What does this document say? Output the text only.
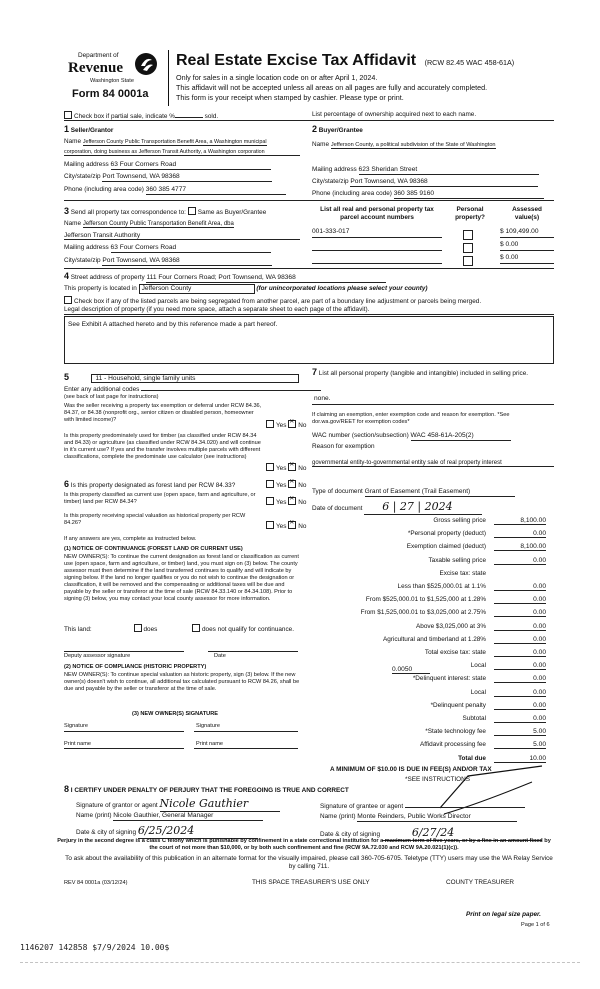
Department of
Revenue
Washington State
Form 84 0001a
Real Estate Excise Tax Affidavit (RCW 82.45 WAC 458-61A)
Only for sales in a single location code on or after April 1, 2024.
This affidavit will not be accepted unless all areas on all pages are fully and accurately completed.
This form is your receipt when stamped by cashier. Please type or print.
Check box if partial sale, indicate %	sold.	List percentage of ownership acquired next to each name.
1 Seller/Grantor
Name Jefferson County Public Transportation Benefit Area, a Washington municipal
corporation, doing business as Jefferson Transit Authority, a Washington corporation
Mailing address 63 Four Corners Road
City/state/zip Port Townsend, WA 98368
Phone (including area code) 360 385 4777
2 Buyer/Grantee
Name Jefferson County, a political subdivision of the State of Washington
Mailing address 623 Sheridan Street
City/state/zip Port Townsend, WA 98368
Phone (including area code) 360 385 9160
3 Send all property tax correspondence to: Same as Buyer/Grantee
Name Jefferson County Public Transportation Benefit Area, dba
Jefferson Transit Authority
Mailing address 63 Four Corners Road
City/state/zip Port Townsend, WA 98368
List all real and personal property tax parcel account numbers
Personal property?
Assessed value(s)
001-333-017	$ 109,499.00
$ 0.00
$ 0.00
4 Street address of property 111 Four Corners Road; Port Townsend, WA 98368
This property is located in Jefferson County	(for unincorporated locations please select your county)
Check box if any of the listed parcels are being segregated from another parcel, are part of a boundary line adjustment or parcels being merged.
Legal description of property (if you need more space, attach a separate sheet to each page of the affidavit).
See Exhibit A attached hereto and by this reference made a part hereof.
5	11 - Household, single family units
Enter any additional codes
(see back of last page for instructions)
Was the seller receiving a property tax exemption or deferral under RCW 84.36, 84.37, or 84.38 (nonprofit org., senior citizen or disabled person, homeowner with limited income)?
Yes ✕ No
Is this property predominately used for timber (as classified under RCW 84.34 and 84.33) or agriculture (as classified under RCW 84.34.020) and will continue in it's current use? If yes and the transfer involves multiple parcels with different classifications, complete the predominate use calculator (see instructions)
Yes ✕ No
6 Is this property designated as forest land per RCW 84.33?	Yes ✕ No
Is this property classified as current use (open space, farm and agriculture, or timber) land per RCW 84.34?	Yes ✕ No
Is this property receiving special valuation as historical property per RCW 84.26?
Yes ✕ No
If any answers are yes, complete as instructed below.
(1) NOTICE OF CONTINUANCE (FOREST LAND OR CURRENT USE)
NEW OWNER(S): To continue the current designation as forest land or classification as current use (open space, farm and agriculture, or timber) land, you must sign on (3) below. The county assessor must then determine if the land transferred continues to qualify and will indicate by signing below. If the land no longer qualifies or you do not wish to continue the designation or classification, it will be removed and the compensating or additional taxes will be due and payable by the seller or transferor at the time of sale (RCW 84.33.140 or 84.34.108). Prior to signing (3) below, you may contact your local county assessor for more information.
This land:	does	does not qualify for continuance.
Deputy assessor signature	Date
(2) NOTICE OF COMPLIANCE (HISTORIC PROPERTY)
NEW OWNER(S): To continue special valuation as historic property, sign (3) below. If the new owner(s) doesn't wish to continue, all additional tax calculated pursuant to RCW 84.26, shall be due and payable by the seller or transferor at the time of sale.
(3) NEW OWNER(S) SIGNATURE
Signature	Signature
Print name	Print name
7 List all personal property (tangible and intangible) included in selling price.
none.
If claiming an exemption, enter exemption code and reason for exemption. *See dor.wa.gov/REET for exemption codes*
WAC number (section/subsection) WAC 458-61A-205(2)
Reason for exemption
governmental entity-to-governmental entity sale of real property interest
Type of document Grant of Easement (Trail Easement)
Date of document 6 | 27 | 2024
Gross selling price	8,100.00
*Personal property (deduct)	0.00
Exemption claimed (deduct)	8,100.00
Taxable selling price	0.00
Excise tax: state
Less than $525,000.01 at 1.1%	0.00
From $525,000.01 to $1,525,000 at 1.28%	0.00
From $1,525,000.01 to $3,025,000 at 2.75%	0.00
Above $3,025,000 at 3%	0.00
Agricultural and timberland at 1.28%	0.00
Total excise tax: state	0.00
Local	0.00
*Delinquent interest: state	0.00
Local	0.00
*Delinquent penalty	0.00
Subtotal	0.00
*State technology fee	5.00
Affidavit processing fee	5.00
Total due	10.00
0.0050
A MINIMUM OF $10.00 IS DUE IN FEE(S) AND/OR TAX
*SEE INSTRUCTIONS
8 I CERTIFY UNDER PENALTY OF PERJURY THAT THE FOREGOING IS TRUE AND CORRECT
Signature of grantor or agent Nicole Gauthier
Name (print) Nicole Gauthier, General Manager
Date & city of signing 6/25/2024
Signature of grantee or agent
Name (print) Monte Reinders, Public Works Director
Date & city of signing	6/27/24
Perjury in the second degree is a class C felony which is punishable by confinement in a state correctional institution for a maximum term of five years, or by a fine in an amount fixed by the court of not more than $10,000, or by both such confinement and fine (RCW 9A.72.030 and RCW 9A.20.021(1)(c)).
To ask about the availability of this publication in an alternate format for the visually impaired, please call 360-705-6705. Teletype (TTY) users may use the WA Relay Service by calling 711.
REV 84 0001a (03/12/24)	THIS SPACE TREASURER'S USE ONLY	COUNTY TREASURER
Print on legal size paper.
Page 1 of 6
1146207 142858 $7/9/2024 10.00$
